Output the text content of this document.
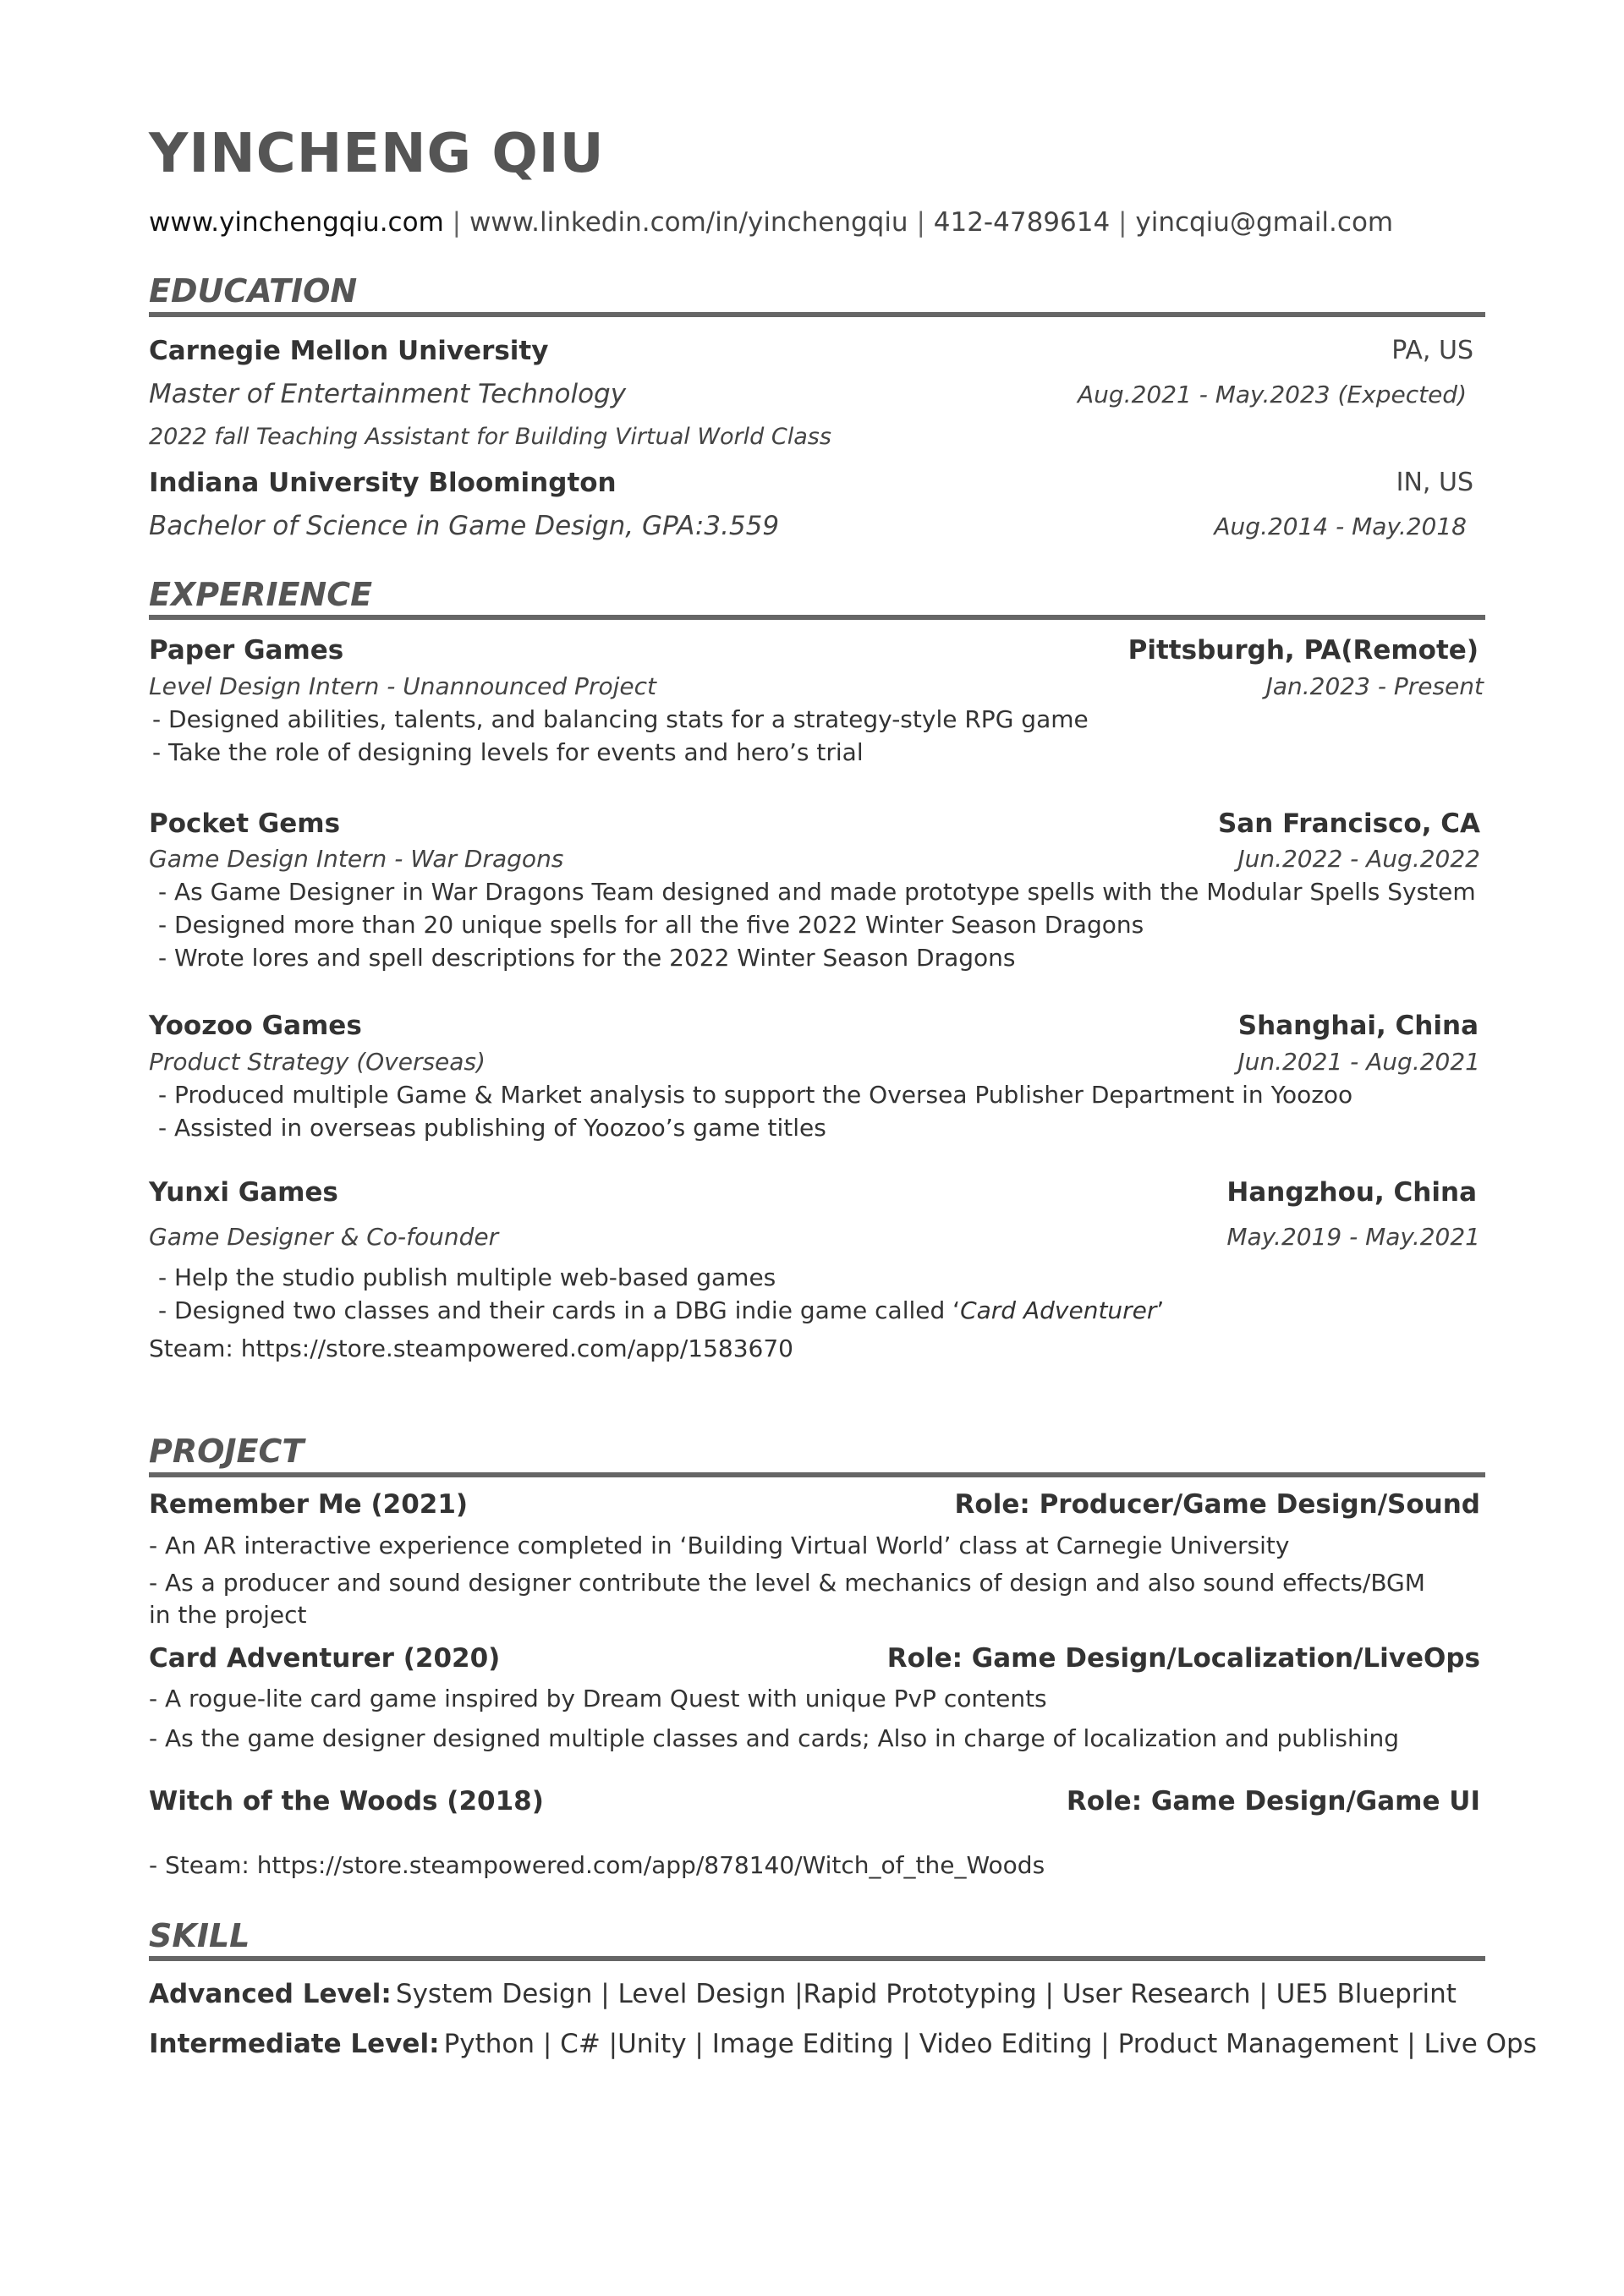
YINCHENG QIU
www.yinchengqiu.com | www.linkedin.com/in/yinchengqiu | 412-4789614 | yincqiu@gmail.com
EDUCATION
Carnegie Mellon University	PA, US
Master of Entertainment Technology	Aug.2021 - May.2023 (Expected)
2022 fall Teaching Assistant for Building Virtual World Class
Indiana University Bloomington	IN, US
Bachelor of Science in Game Design, GPA:3.559	Aug.2014 - May.2018
EXPERIENCE
Paper Games	Pittsburgh, PA(Remote)
Level Design Intern - Unannounced Project	Jan.2023 - Present
- Designed abilities, talents, and balancing stats for a strategy-style RPG game
- Take the role of designing levels for events and hero’s trial
Pocket Gems	San Francisco, CA
Game Design Intern - War Dragons	Jun.2022 - Aug.2022
- As Game Designer in War Dragons Team designed and made prototype spells with the Modular Spells System
- Designed more than 20 unique spells for all the five 2022 Winter Season Dragons
- Wrote lores and spell descriptions for the 2022 Winter Season Dragons
Yoozoo Games	Shanghai, China
Product Strategy (Overseas)	Jun.2021 - Aug.2021
- Produced multiple Game & Market analysis to support the Oversea Publisher Department in Yoozoo
- Assisted in overseas publishing of Yoozoo’s game titles
Yunxi Games	Hangzhou, China
Game Designer & Co-founder	May.2019 - May.2021
- Help the studio publish multiple web-based games
- Designed two classes and their cards in a DBG indie game called ‘Card Adventurer’
Steam: https://store.steampowered.com/app/1583670
PROJECT
Remember Me (2021)	Role: Producer/Game Design/Sound
- An AR interactive experience completed in ‘Building Virtual World’ class at Carnegie University
- As a producer and sound designer contribute the level & mechanics of design and also sound effects/BGM in the project
Card Adventurer (2020)	Role: Game Design/Localization/LiveOps
- A rogue-lite card game inspired by Dream Quest with unique PvP contents
- As the game designer designed multiple classes and cards; Also in charge of localization and publishing
Witch of the Woods (2018)	Role: Game Design/Game UI
- Steam: https://store.steampowered.com/app/878140/Witch_of_the_Woods
SKILL
Advanced Level: System Design | Level Design |Rapid Prototyping | User Research | UE5 Blueprint
Intermediate Level: Python | C# |Unity | Image Editing | Video Editing | Product Management | Live Ops
